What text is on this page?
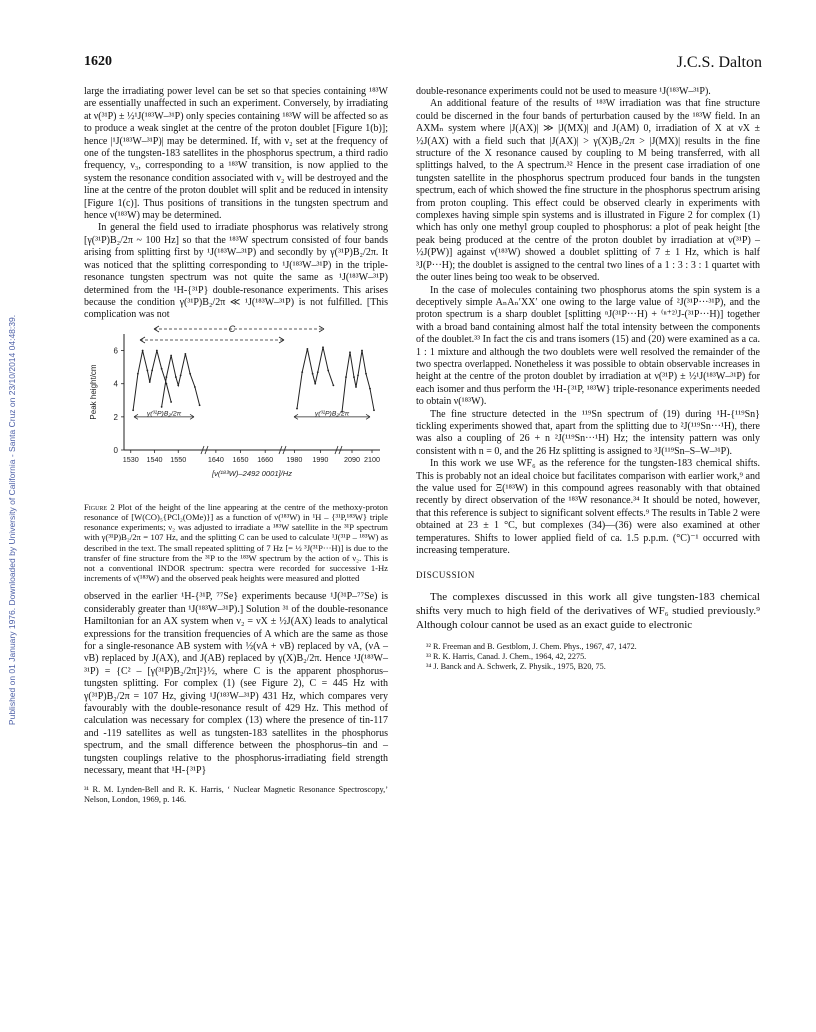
1620	J.C.S. Dalton
Published on 01 January 1976. Downloaded by University of California - Santa Cruz on 23/10/2014 04:48:39.

large the irradiating power level can be set so that species containing ¹⁸³W are essentially unaffected in such an experiment. Conversely, by irradiating at ν(³¹P) ± ½¹J(¹⁸³W–³¹P) only species containing ¹⁸³W will be affected so as to produce a weak singlet at the centre of the proton doublet [Figure 1(b)]; hence |¹J(¹⁸³W–³¹P)| may be determined. If, with ν₂ set at the frequency of one of the tungsten-183 satellites in the phosphorus spectrum, a third radio frequency, ν₃, corresponding to a ¹⁸³W transition, is now applied to the system the resonance condition associated with ν₂ will be destroyed and the line at the centre of the proton doublet will split and be reduced in intensity [Figure 1(c)]. Thus positions of transitions in the tungsten spectrum and hence ν(¹⁸³W) may be determined.

In general the field used to irradiate phosphorus was relatively strong [γ(³¹P)B₂/2π ~ 100 Hz] so that the ¹⁸³W spectrum consisted of four bands arising from splitting first by ¹J(¹⁸³W–³¹P) and secondly by γ(³¹P)B₂/2π. It was noticed that the splitting corresponding to ¹J(¹⁸³W–³¹P) in the triple-resonance tungsten spectrum was not quite the same as ¹J(¹⁸³W–³¹P) determined from the ¹H-{³¹P} double-resonance experiments. This arises because the condition γ(³¹P)B₂/2π ≪ ¹J(¹⁸³W–³¹P) is not fulfilled. [This complication was not

0
2
4
6
Peak height/cm
1530 1540 1550	1640 1650 1660 1980 1990 2090 2100
[ν(¹⁸³W)–2492 0001]/Hz
C
γ(³¹P)B₂/2π	γ(³¹P)B₂/2π
Figure 2 Plot of the height of the line appearing at the centre of the methoxy-proton resonance of [W(CO)₅{PCl₂(OMe)}] as a function of ν(¹⁸³W) in ¹H – {³¹P,¹⁸³W} triple resonance experiments; ν₂ was adjusted to irradiate a ¹⁸³W satellite in the ³¹P spectrum with γ(³¹P)B₂/2π = 107 Hz, and the splitting C can be used to calculate ¹J(³¹P – ¹⁸³W) as described in the text. The small repeated splitting of 7 Hz [= ½ ³J(³¹P···H)] is due to the transfer of fine structure from the ³¹P to the ¹⁸³W spectrum by the action of ν₂. This is not a conventional INDOR spectrum: spectra were recorded for successive 1-Hz increments of ν(¹⁸³W) and the observed peak heights were measured and plotted

observed in the earlier ¹H-{³¹P, ⁷⁷Se} experiments because ¹J(³¹P–⁷⁷Se) is considerably greater than ¹J(¹⁸³W–³¹P).] Solution ³¹ of the double-resonance Hamiltonian for an AX system when ν₂ = νX ± ½J(AX) leads to analytical expressions for the transition frequencies of A which are the same as those for a single-resonance AB system with ½(νA + νB) replaced by νA, (νA – νB) replaced by J(AX), and J(AB) replaced by γ(X)B₂/2π. Hence ¹J(¹⁸³W–³¹P) = {C² – [γ(³¹P)B₂/2π]²}½, where C is the apparent phosphorus–tungsten splitting. For complex (1) (see Figure 2), C = 445 Hz with γ(³¹P)B₂/2π = 107 Hz, giving ¹J(¹⁸³W–³¹P) 431 Hz, which compares very favourably with the double-resonance result of 429 Hz. This method of calculation was necessary for complex (13) where the presence of tin-117 and -119 satellites as well as tungsten-183 satellites in the phosphorus spectrum, and the small difference between the phosphorus–tin and –tungsten couplings relative to the phosphorus-irradiating field strength necessary, meant that ¹H-{³¹P}

³¹ R. M. Lynden-Bell and R. K. Harris, ‘ Nuclear Magnetic Resonance Spectroscopy,’ Nelson, London, 1969, p. 146.

double-resonance experiments could not be used to measure ¹J(¹⁸³W–³¹P).

An additional feature of the results of ¹⁸³W irradiation was that fine structure could be discerned in the four bands of perturbation caused by the ¹⁸³W field. In an AXMₙ system where |J(AX)| ≫ |J(MX)| and J(AM) 0, irradiation of X at νX ± ½J(AX) with a field such that |J(AX)| > γ(X)B₂/2π > |J(MX)| results in the fine structure of the X resonance caused by coupling to M being transferred, with all splittings halved, to the A spectrum.³² Hence in the present case irradiation of one tungsten satellite in the phosphorus spectrum produced four bands in the tungsten spectrum, each of which showed the fine structure in the phosphorus spectrum arising from proton coupling. This effect could be observed clearly in experiments with complexes having simple spin systems and is illustrated in Figure 2 for complex (1) which has only one methyl group coupled to phosphorus: a plot of peak height [the peak being produced at the centre of the proton doublet by irradiation at ν(³¹P) – ½J(PW)] against ν(¹⁸³W) showed a doublet splitting of 7 ± 1 Hz, which is half ³J(P···H); the doublet is assigned to the central two lines of a 1 : 3 : 3 : 1 quartet with the outer lines being too weak to be observed.

In the case of molecules containing two phosphorus atoms the spin system is a deceptively simple AₙAₙ′XX′ one owing to the large value of ²J(³¹P···³¹P), and the proton spectrum is a sharp doublet [splitting ⁿJ(³¹P···H) + ⁽ⁿ⁺²⁾J-(³¹P···H)] together with a broad band containing almost half the total intensity between the components of the doublet.³³ In fact the cis and trans isomers (15) and (20) were examined as a ca. 1 : 1 mixture and although the two doublets were well resolved the remainder of the two spectra overlapped. Nonetheless it was possible to obtain observable increases in height at the centre of the proton doublet by irradiation at ν(³¹P) ± ½¹J(¹⁸³W–³¹P) for each isomer and thus perform the ¹H-{³¹P, ¹⁸³W} triple-resonance experiments needed to obtain ν(¹⁸³W).

The fine structure detected in the ¹¹⁹Sn spectrum of (19) during ¹H-{¹¹⁹Sn} tickling experiments showed that, apart from the splitting due to ²J(¹¹⁹Sn···¹H), there was also a coupling of 26 + n ²J(¹¹⁹Sn···¹H) Hz; the intensity pattern was only consistent with n = 0, and the 26 Hz splitting is assigned to ³J(¹¹⁹Sn–S–W–³¹P).

In this work we use WF₆ as the reference for the tungsten-183 chemical shifts. This is probably not an ideal choice but facilitates comparison with earlier work,⁹ and the value used for Ξ(¹⁸³W) in this compound agrees reasonably with that obtained recently by direct observation of the ¹⁸³W resonance.³⁴ It should be noted, however, that this reference is subject to significant solvent effects.⁹ The results in Table 2 were obtained at 23 ± 1 °C, but complexes (34)—(36) were also examined at other temperatures. Shifts to lower applied field of ca. 1.5 p.p.m. (°C)⁻¹ occurred with increasing temperature.

DISCUSSION

The complexes discussed in this work all give tungsten-183 chemical shifts very much to high field of the derivatives of WF₆ studied previously.⁹ Although colour cannot be used as an exact guide to electronic

³² R. Freeman and B. Gestblom, J. Chem. Phys., 1967, 47, 1472.

³³ R. K. Harris, Canad. J. Chem., 1964, 42, 2275.

³⁴ J. Banck and A. Schwerk, Z. Physik., 1975, B20, 75.
